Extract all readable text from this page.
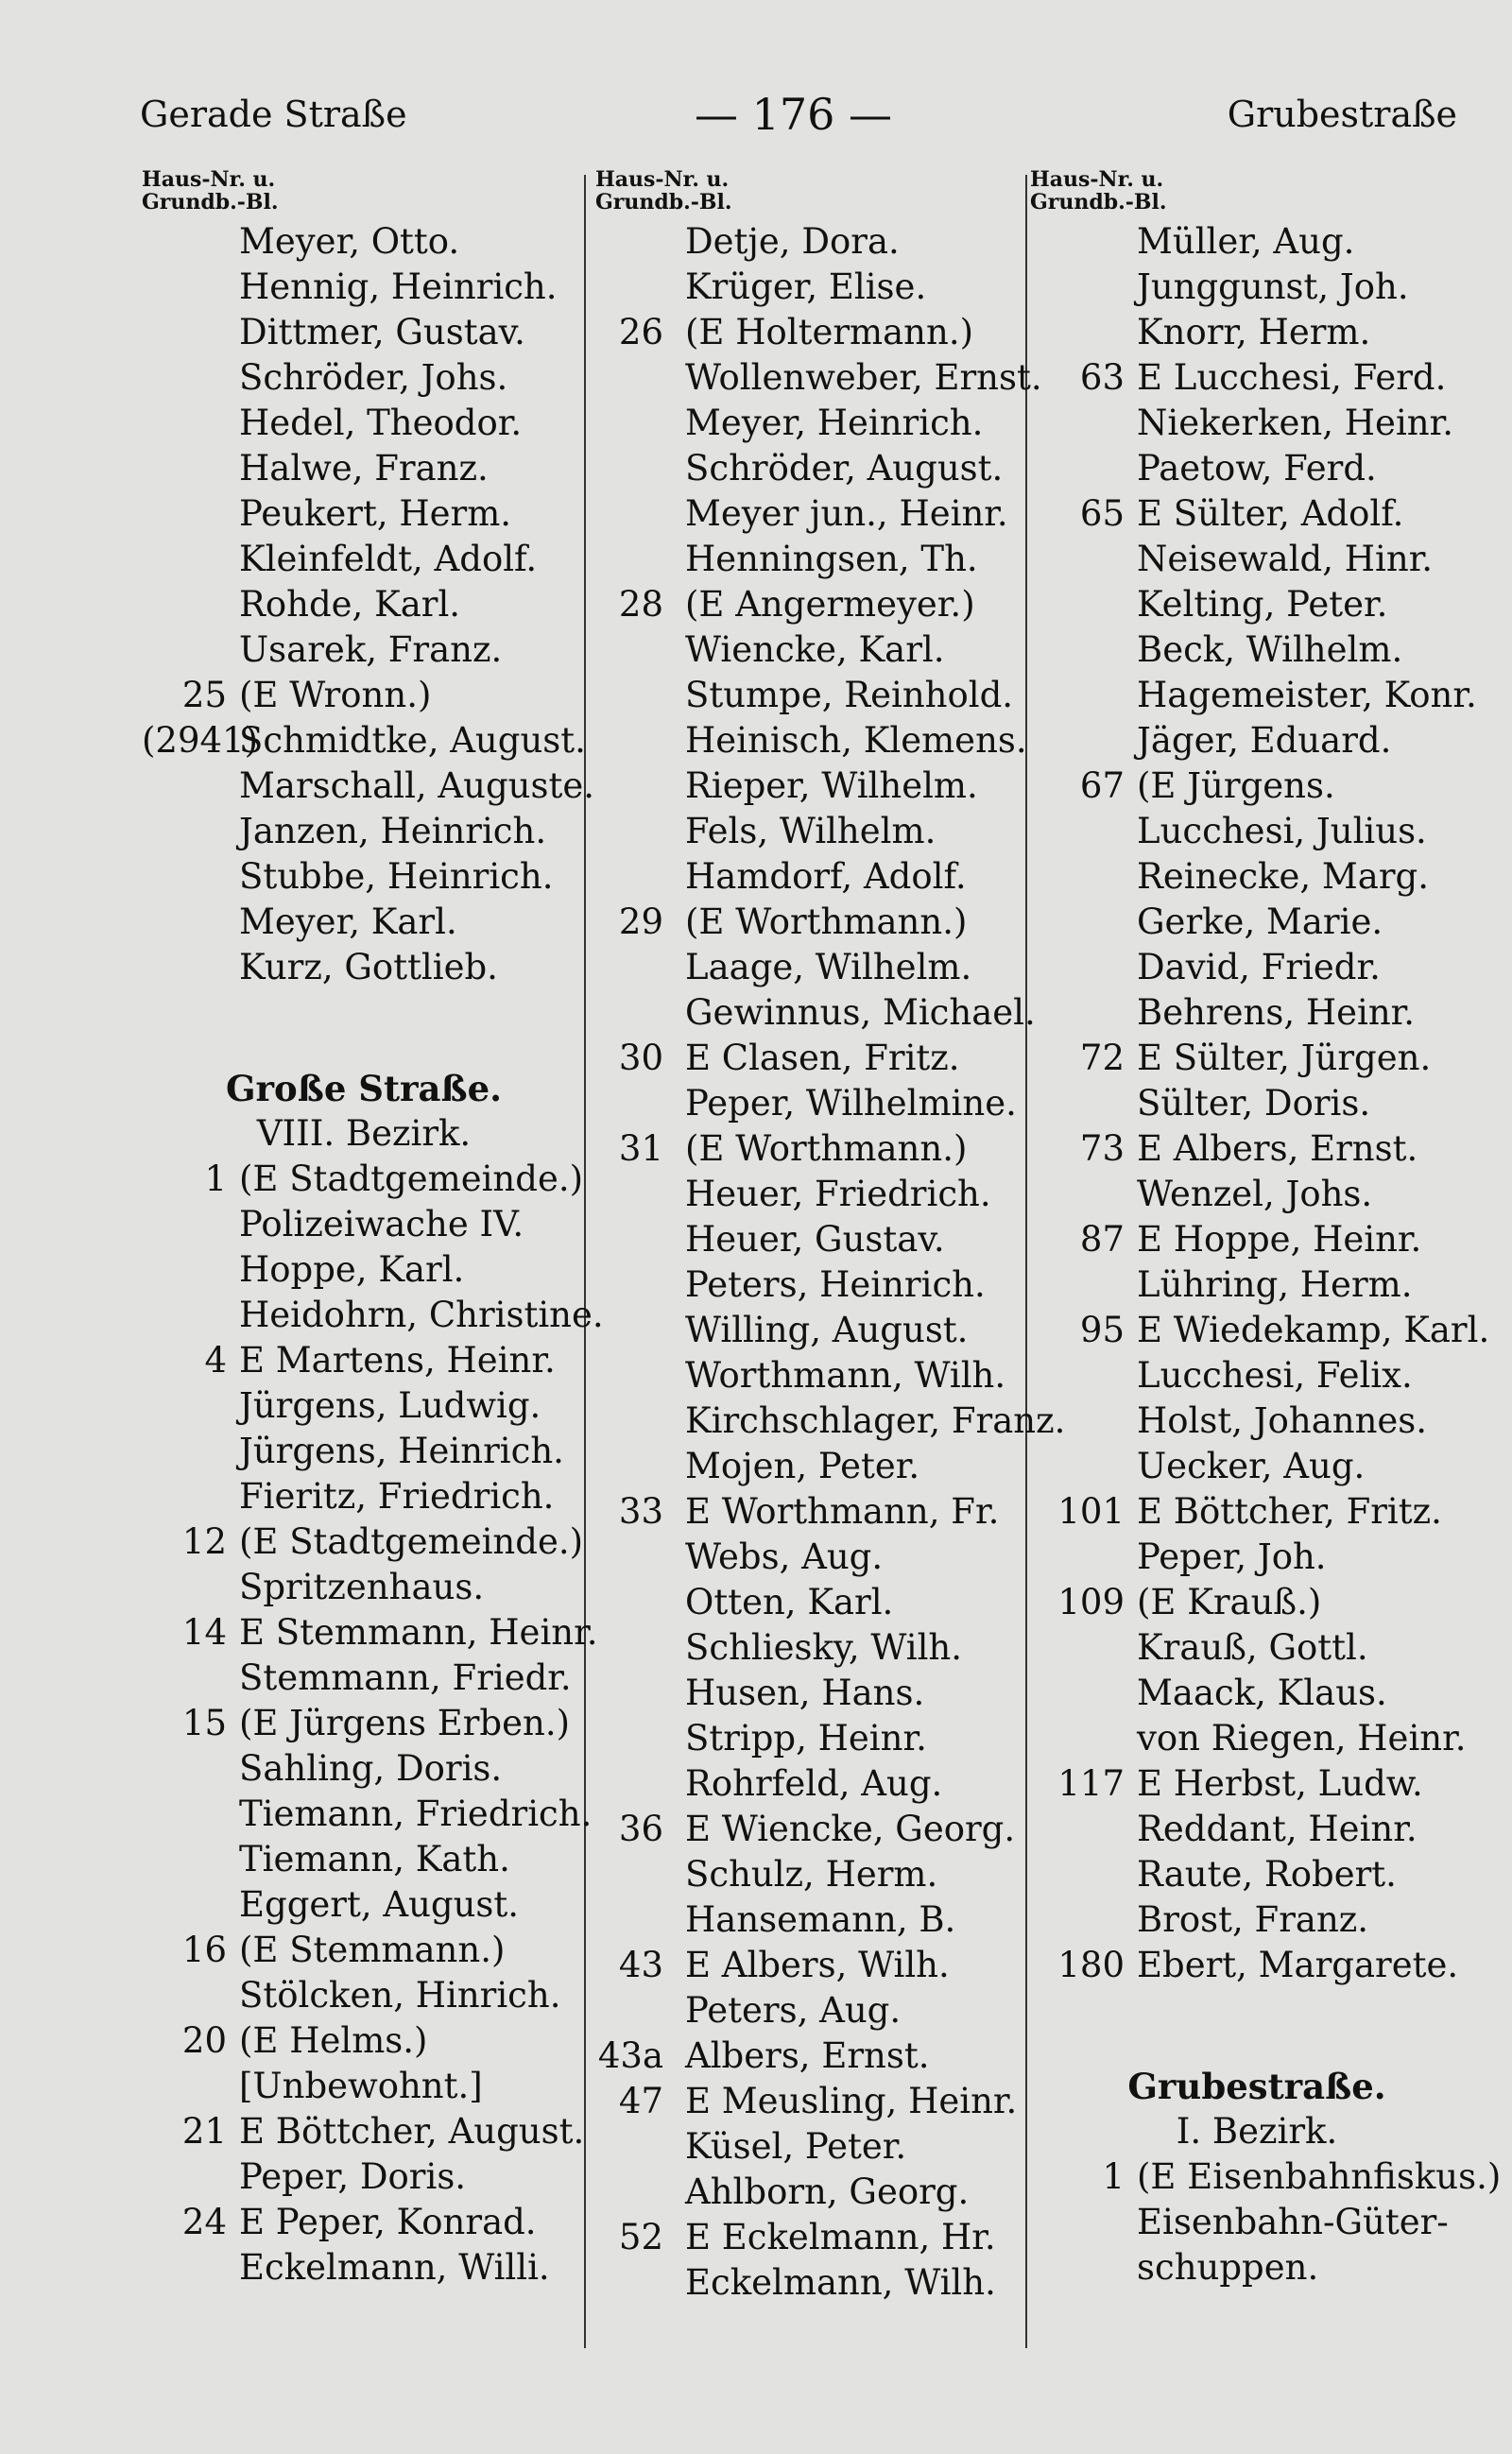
Gerade Straße	— 176 —	Grubestraße
Haus-Nr. u.
Grundb.-Bl.
Meyer, Otto.
Hennig, Heinrich.
Dittmer, Gustav.
Schröder, Johs.
Hedel, Theodor.
Halwe, Franz.
Peukert, Herm.
Kleinfeldt, Adolf.
Rohde, Karl.
Usarek, Franz.
25 (E Wronn.)
(2941)
Schmidtke, August.
Marschall, Auguste.
Janzen, Heinrich.
Stubbe, Heinrich.
Meyer, Karl.
Kurz, Gottlieb.
Große Straße.
VIII. Bezirk.
1 (E Stadtgemeinde.)
Polizeiwache IV.
Hoppe, Karl.
Heidohrn, Christine.
4 E Martens, Heinr.
Jürgens, Ludwig.
Jürgens, Heinrich.
Fieritz, Friedrich.
12 (E Stadtgemeinde.)
Spritzenhaus.
14 E Stemmann, Heinr.
Stemmann, Friedr.
15 (E Jürgens Erben.)
Sahling, Doris.
Tiemann, Friedrich.
Tiemann, Kath.
Eggert, August.
16 (E Stemmann.)
Stölcken, Hinrich.
20 (E Helms.)
[Unbewohnt.]
21 E Böttcher, August.
Peper, Doris.
24 E Peper, Konrad.
Eckelmann, Willi.
Haus-Nr. u.
Grundb.-Bl.
Detje, Dora.
Krüger, Elise.
26 (E Holtermann.)
Wollenweber, Ernst.
Meyer, Heinrich.
Schröder, August.
Meyer jun., Heinr.
Henningsen, Th.
28 (E Angermeyer.)
Wiencke, Karl.
Stumpe, Reinhold.
Heinisch, Klemens.
Rieper, Wilhelm.
Fels, Wilhelm.
Hamdorf, Adolf.
29 (E Worthmann.)
Laage, Wilhelm.
Gewinnus, Michael.
30 E Clasen, Fritz.
Peper, Wilhelmine.
31 (E Worthmann.)
Heuer, Friedrich.
Heuer, Gustav.
Peters, Heinrich.
Willing, August.
Worthmann, Wilh.
Kirchschlager, Franz.
Mojen, Peter.
33 E Worthmann, Fr.
Webs, Aug.
Otten, Karl.
Schliesky, Wilh.
Husen, Hans.
Stripp, Heinr.
Rohrfeld, Aug.
36 E Wiencke, Georg.
Schulz, Herm.
Hansemann, B.
43 E Albers, Wilh.
Peters, Aug.
43a Albers, Ernst.
47 E Meusling, Heinr.
Küsel, Peter.
Ahlborn, Georg.
52 E Eckelmann, Hr.
Eckelmann, Wilh.
Haus-Nr. u.
Grundb.-Bl.
Müller, Aug.
Junggunst, Joh.
Knorr, Herm.
63 E Lucchesi, Ferd.
Niekerken, Heinr.
Paetow, Ferd.
65 E Sülter, Adolf.
Neisewald, Hinr.
Kelting, Peter.
Beck, Wilhelm.
Hagemeister, Konr.
Jäger, Eduard.
67 (E Jürgens.
Lucchesi, Julius.
Reinecke, Marg.
Gerke, Marie.
David, Friedr.
Behrens, Heinr.
72 E Sülter, Jürgen.
Sülter, Doris.
73 E Albers, Ernst.
Wenzel, Johs.
87 E Hoppe, Heinr.
Lühring, Herm.
95 E Wiedekamp, Karl.
Lucchesi, Felix.
Holst, Johannes.
Uecker, Aug.
101 E Böttcher, Fritz.
Peper, Joh.
109 (E Krauß.)
Krauß, Gottl.
Maack, Klaus.
von Riegen, Heinr.
117 E Herbst, Ludw.
Reddant, Heinr.
Raute, Robert.
Brost, Franz.
180 Ebert, Margarete.
Grubestraße.
I. Bezirk.
1 (E Eisenbahnfiskus.)
Eisenbahn-Güter-
schuppen.
